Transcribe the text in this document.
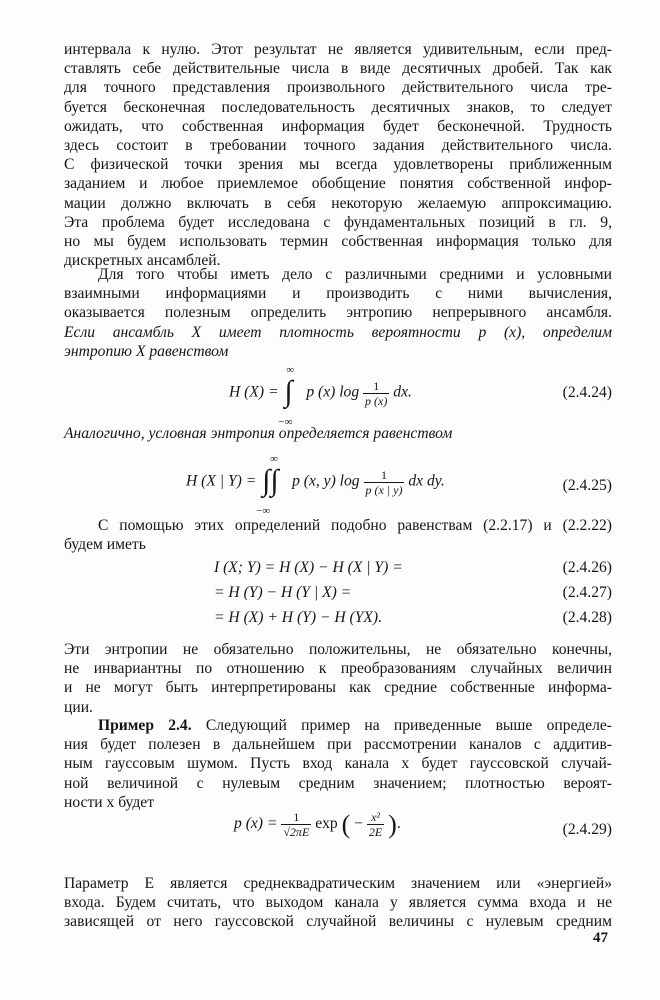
интервала к нулю. Этот результат не является удивительным, если пред-
ставлять себе действительные числа в виде десятичных дробей. Так как
для точного представления произвольного действительного числа тре-
буется бесконечная последовательность десятичных знаков, то следует
ожидать, что собственная информация будет бесконечной. Трудность
здесь состоит в требовании точного задания действительного числа.
С физической точки зрения мы всегда удовлетворены приближенным
заданием и любое приемлемое обобщение понятия собственной инфор-
мации должно включать в себя некоторую желаемую аппроксимацию.
Эта проблема будет исследована с фундаментальных позиций в гл. 9,
но мы будем использовать термин собственная информация только для
дискретных ансамблей.

Для того чтобы иметь дело с различными средними и условными
взаимными информациями и производить с ними вычисления,
оказывается полезным определить энтропию непрерывного ансамбля.
Если ансамбль X имеет плотность вероятности p (x), определим
энтропию X равенством

H (X) = ∫
∞
−∞
p (x) $\log \frac{1}{p (x)}$ dx.	(2.4.24)

Аналогично, условная энтропия определяется равенством

H (X | Y) = ∫∫
∞
−∞
p (x, y) $\log \frac{1}{p (x | y)}$ dx dy.	(2.4.25)

С помощью этих определений подобно равенствам (2.2.17) и (2.2.22)
будем иметь

I (X; Y) = H (X) − H (X | Y) =	(2.4.26)
= H (Y) − H (Y | X) =	(2.4.27)
= H (X) + H (Y) − H (YX).	(2.4.28)

Эти энтропии не обязательно положительны, не обязательно конечны,
не инвариантны по отношению к преобразованиям случайных величин
и не могут быть интерпретированы как средние собственные информа-
ции.

Пример 2.4. Следующий пример на приведенные выше определе-
ния будет полезен в дальнейшем при рассмотрении каналов с аддитив-
ным гауссовым шумом. Пусть вход канала x будет гауссовской случай-
ной величиной с нулевым средним значением; плотностью вероят-
ности x будет

p $(x) = \frac{1}{√2\pi E}$ exp ( − $\frac{\text{x²}}{2E}$ ).	(2.4.29)

Параметр E является среднеквадратическим значением или «энергией»
входа. Будем считать, что выходом канала y является сумма входа и не
зависящей от него гауссовской случайной величины с нулевым средним

47
